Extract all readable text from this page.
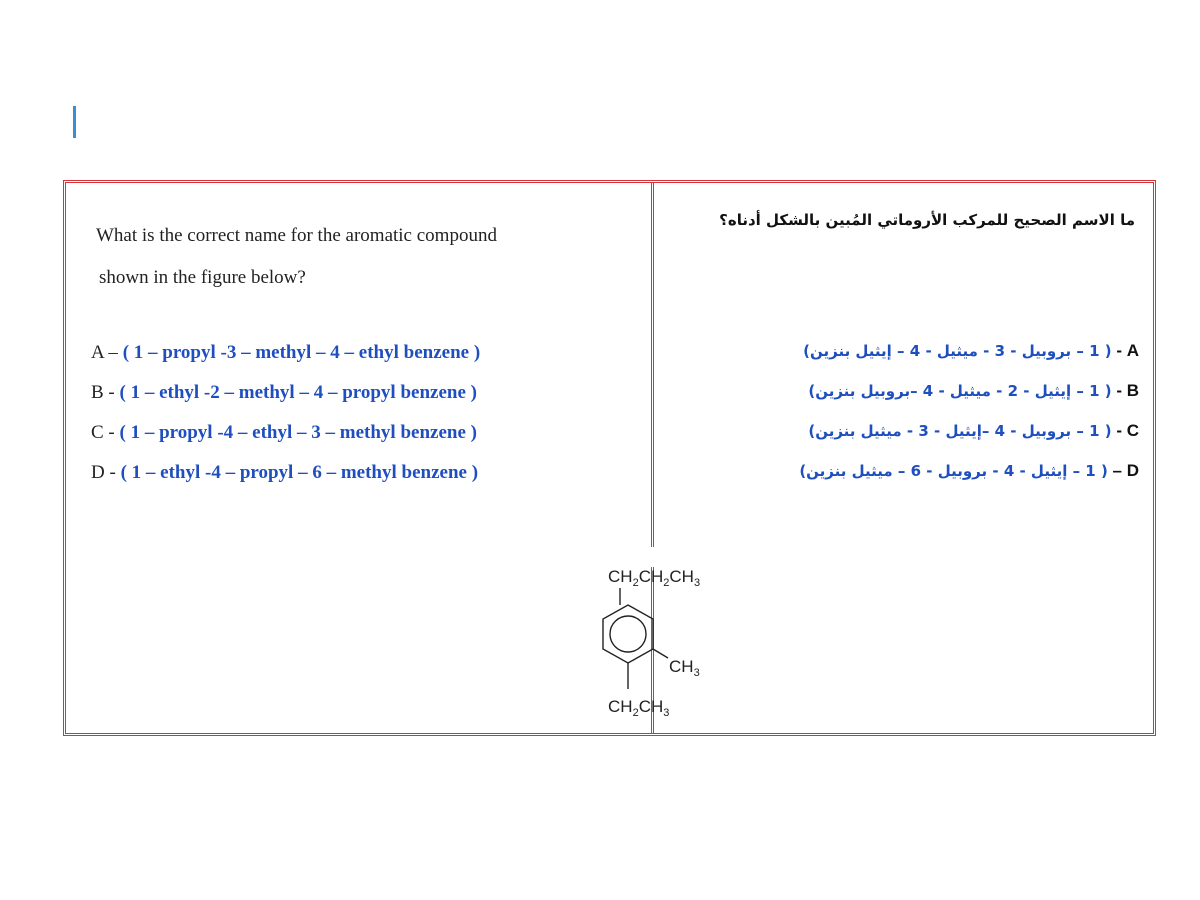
What is the correct name for the aromatic compound
shown in the figure below?
A – ( 1 – propyl -3 – methyl – 4 – ethyl benzene )
B - ( 1 – ethyl -2 – methyl – 4 – propyl benzene )
C - ( 1 – propyl -4 – ethyl – 3 – methyl benzene )
D - ( 1 – ethyl -4 – propyl – 6 – methyl benzene )
ما الاسم الصحيح للمركب الأروماتي المُبين بالشكل أدناه؟
A - ( 1 – بروبيل - 3 - ميثيل - 4 – إيثيل بنزين)
B - ( 1 – إيثيل - 2 - ميثيل - 4 –بروبيل بنزين)
C - ( 1 – بروبيل - 4 –إيثيل - 3 - ميثيل بنزين)
D – ( 1 – إيثيل - 4 - بروبيل - 6 – ميثيل بنزين)
$CH_2CH_2CH_3$
$CH_3$
$CH_2CH_3$
